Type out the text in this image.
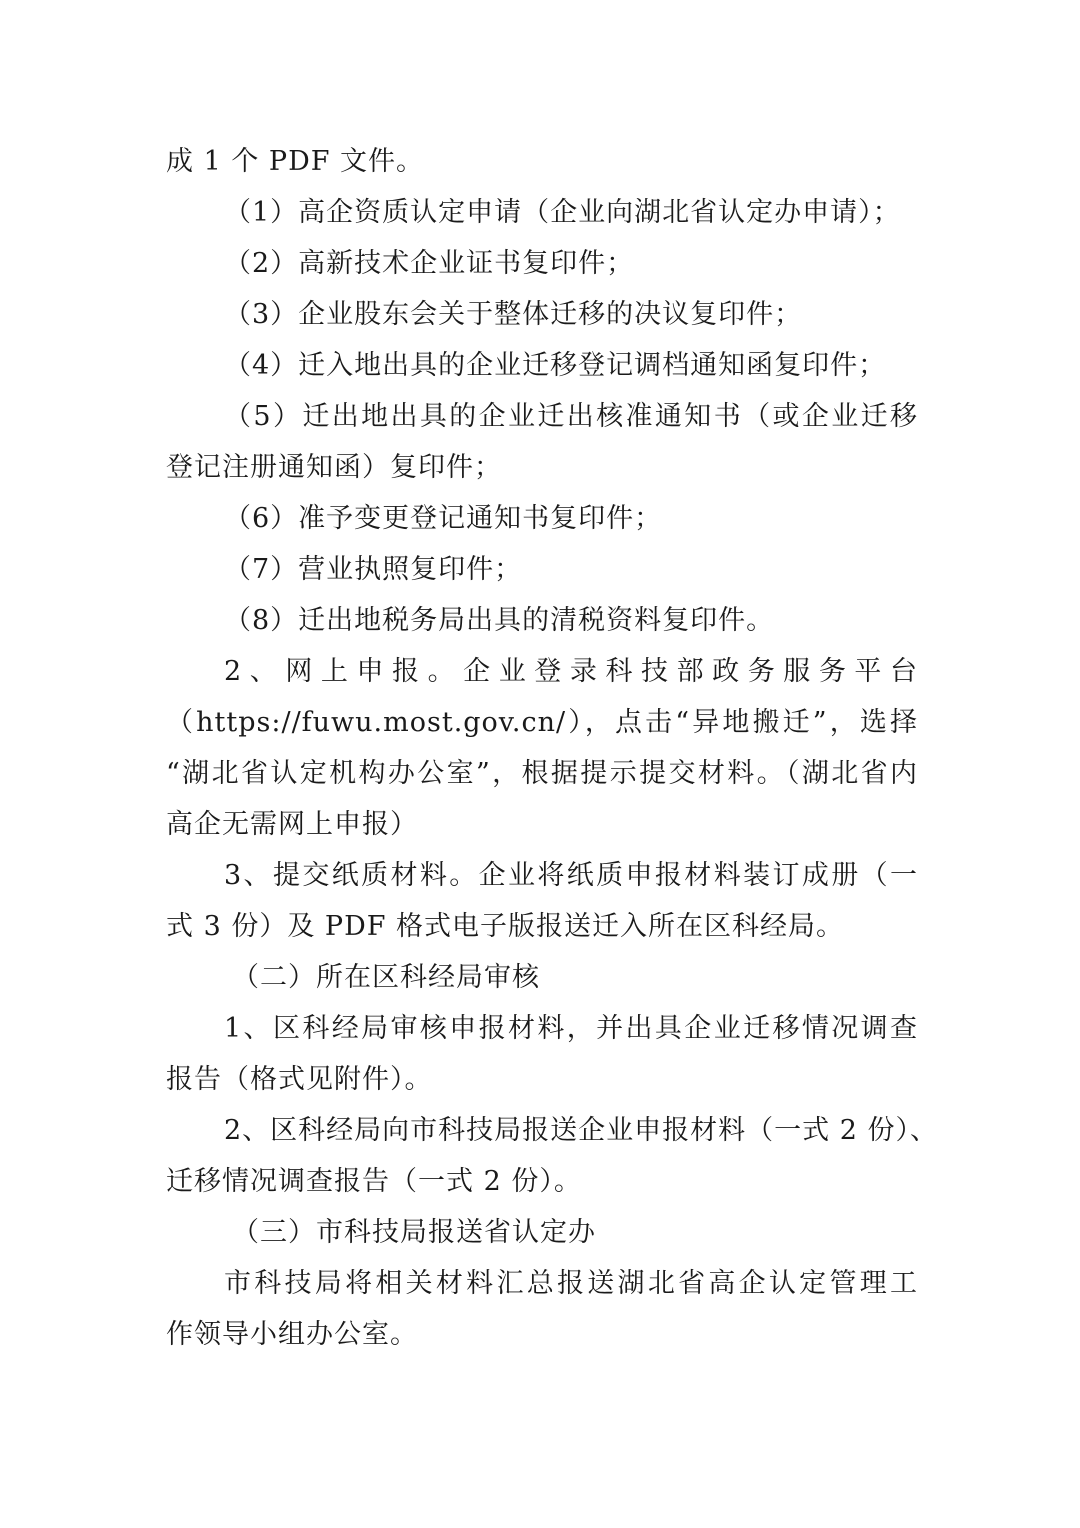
成 1 个 PDF 文件。
（1）高企资质认定申请（企业向湖北省认定办申请）；
（2）高新技术企业证书复印件；
（3）企业股东会关于整体迁移的决议复印件；
（4）迁入地出具的企业迁移登记调档通知函复印件；
（5）迁出地出具的企业迁出核准通知书（或企业迁移
登记注册通知函）复印件；
（6）准予变更登记通知书复印件；
（7）营业执照复印件；
（8）迁出地税务局出具的清税资料复印件。
2、网上申报。企业登录科技部政务服务平台
（https://fuwu.most.gov.cn/），点击“异地搬迁”，选择
“湖北省认定机构办公室”，根据提示提交材料。（湖北省内
高企无需网上申报）
3、提交纸质材料。企业将纸质申报材料装订成册（一
式 3 份）及 PDF 格式电子版报送迁入所在区科经局。
（二）所在区科经局审核
1、区科经局审核申报材料，并出具企业迁移情况调查
报告（格式见附件）。
2、区科经局向市科技局报送企业申报材料（一式 2 份）、
迁移情况调查报告（一式 2 份）。
（三）市科技局报送省认定办
市科技局将相关材料汇总报送湖北省高企认定管理工
作领导小组办公室。
